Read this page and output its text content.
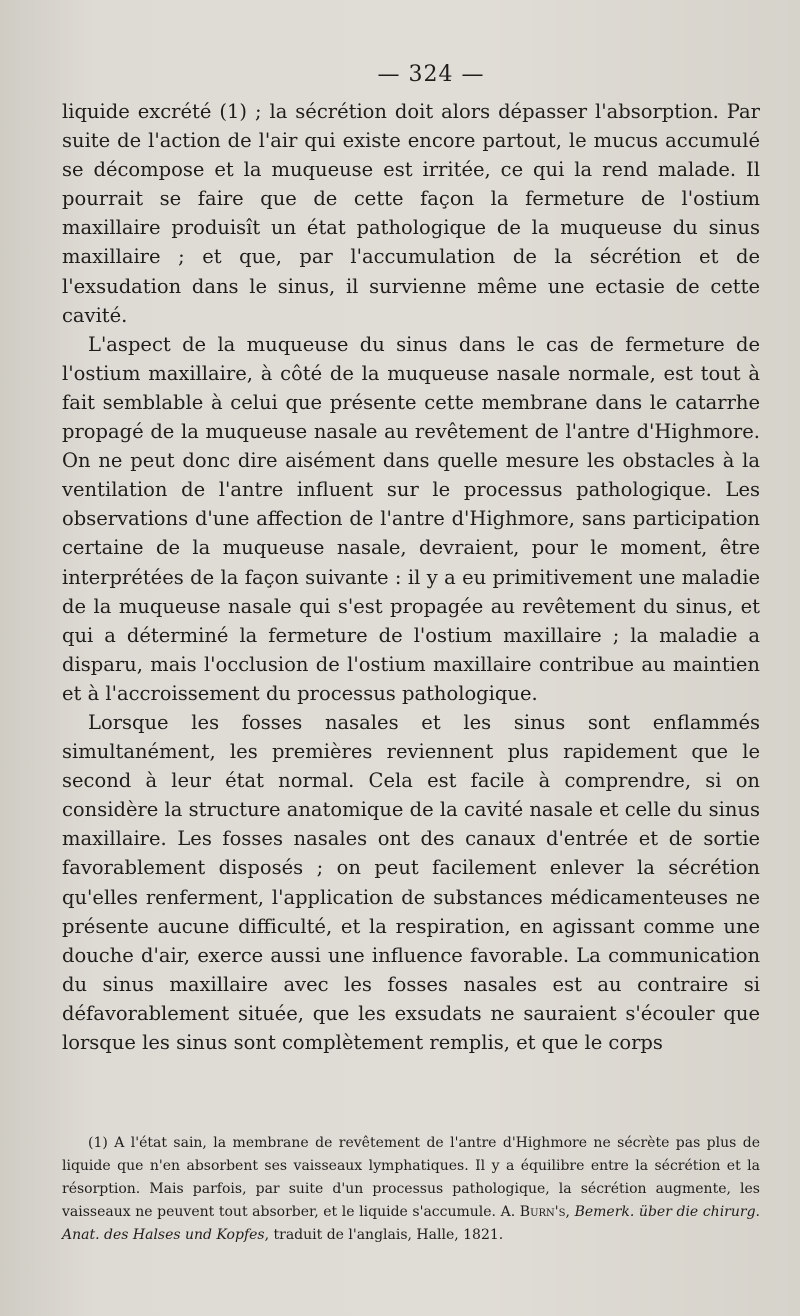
— 324 —

liquide excrété (1) ; la sécrétion doit alors dépasser l'absorption. Par suite de l'action de l'air qui existe encore partout, le mucus accumulé se décompose et la muqueuse est irritée, ce qui la rend malade. Il pourrait se faire que de cette façon la fermeture de l'ostium maxillaire produisît un état pathologique de la muqueuse du sinus maxillaire ; et que, par l'accumulation de la sécrétion et de l'exsudation dans le sinus, il survienne même une ectasie de cette cavité.

L'aspect de la muqueuse du sinus dans le cas de fermeture de l'ostium maxillaire, à côté de la muqueuse nasale normale, est tout à fait semblable à celui que présente cette membrane dans le catarrhe propagé de la muqueuse nasale au revêtement de l'antre d'Highmore. On ne peut donc dire aisément dans quelle mesure les obstacles à la ventilation de l'antre influent sur le processus pathologique. Les observations d'une affection de l'antre d'Highmore, sans participation certaine de la muqueuse nasale, devraient, pour le moment, être interprétées de la façon suivante : il y a eu primitivement une maladie de la muqueuse nasale qui s'est propagée au revêtement du sinus, et qui a déterminé la fermeture de l'ostium maxillaire ; la maladie a disparu, mais l'occlusion de l'ostium maxillaire contribue au maintien et à l'accroissement du processus pathologique.

Lorsque les fosses nasales et les sinus sont enflammés simultanément, les premières reviennent plus rapidement que le second à leur état normal. Cela est facile à comprendre, si on considère la structure anatomique de la cavité nasale et celle du sinus maxillaire. Les fosses nasales ont des canaux d'entrée et de sortie favorablement disposés ; on peut facilement enlever la sécrétion qu'elles renferment, l'application de substances médicamenteuses ne présente aucune difficulté, et la respiration, en agissant comme une douche d'air, exerce aussi une influence favorable. La communication du sinus maxillaire avec les fosses nasales est au contraire si défavorablement située, que les exsudats ne sauraient s'écouler que lorsque les sinus sont complètement remplis, et que le corps

(1) A l'état sain, la membrane de revêtement de l'antre d'Highmore ne sécrète pas plus de liquide que n'en absorbent ses vaisseaux lymphatiques. Il y a équilibre entre la sécrétion et la résorption. Mais parfois, par suite d'un processus pathologique, la sécrétion augmente, les vaisseaux ne peuvent tout absorber, et le liquide s'accumule. A. Burn's, Bemerk. über die chirurg. Anat. des Halses und Kopfes, traduit de l'anglais, Halle, 1821.
